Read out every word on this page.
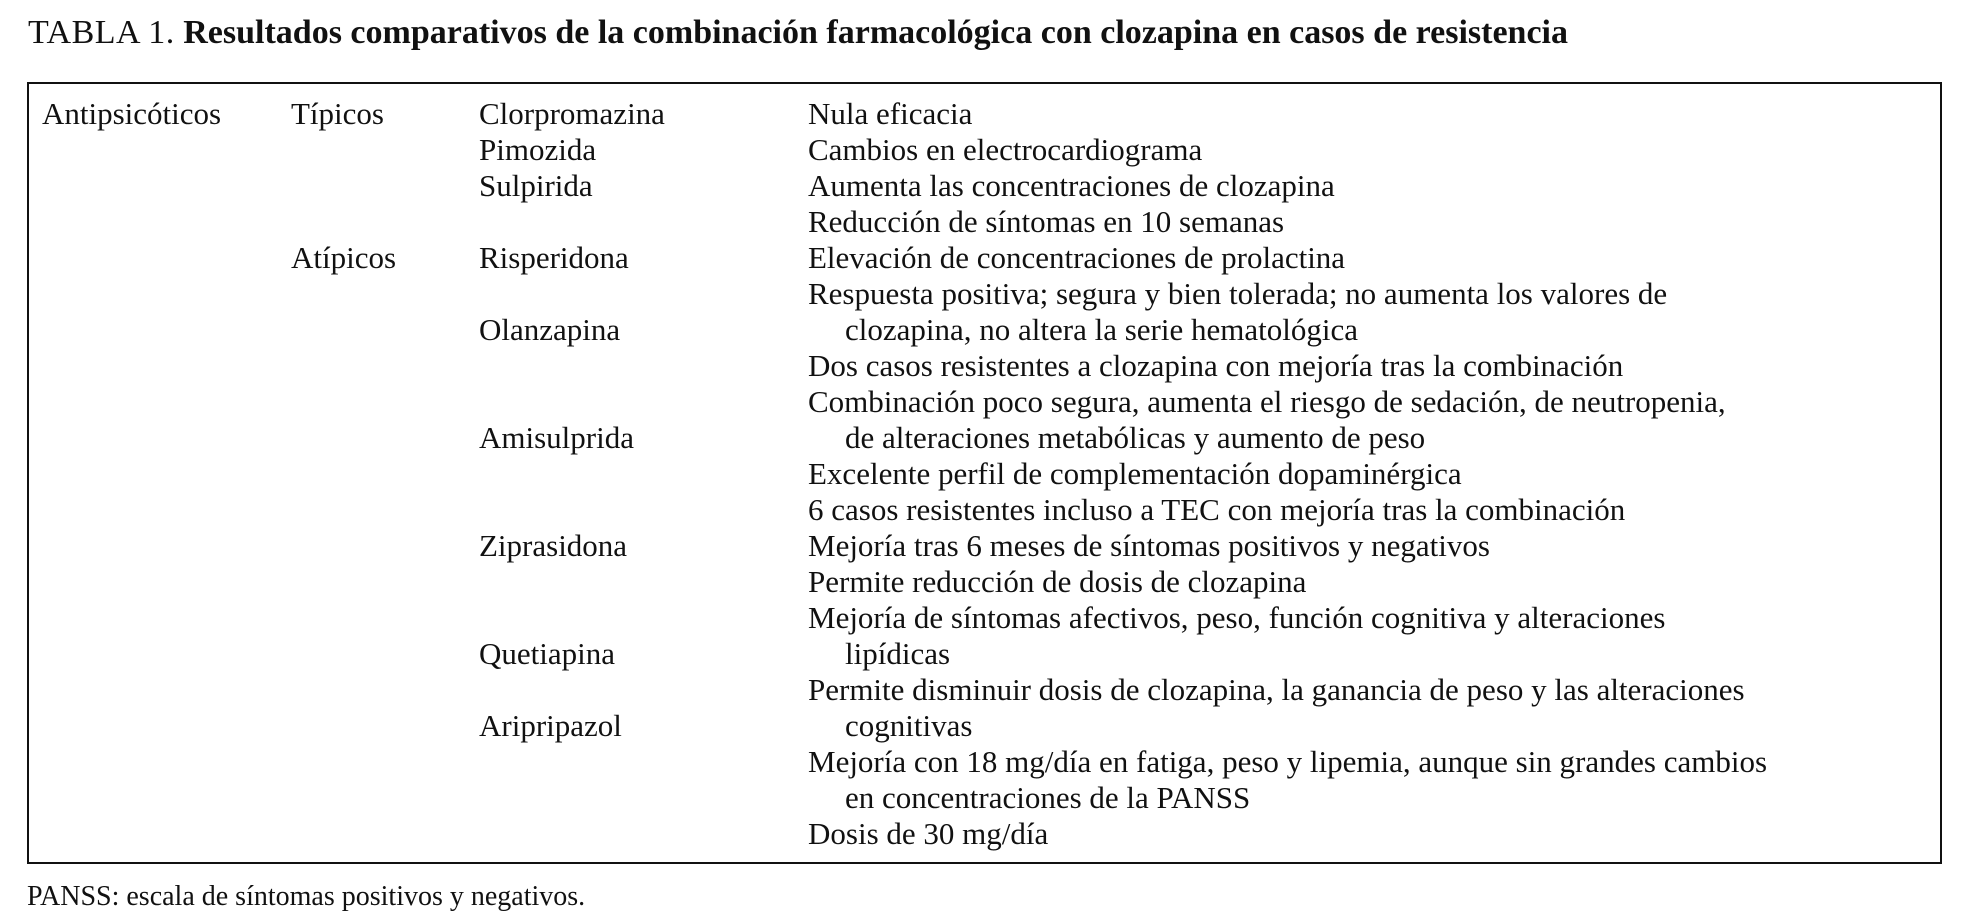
TABLA 1. Resultados comparativos de la combinación farmacológica con clozapina en casos de resistencia
Antipsicóticos Típicos
Atípicos
Clorpromazina
Pimozida
Sulpirida
Risperidona
Olanzapina
Amisulprida
Ziprasidona
Quetiapina
Aripripazol
Nula eficacia
Cambios en electrocardiograma
Aumenta las concentraciones de clozapina
Reducción de síntomas en 10 semanas
Elevación de concentraciones de prolactina
Respuesta positiva; segura y bien tolerada; no aumenta los valores de
clozapina, no altera la serie hematológica
Dos casos resistentes a clozapina con mejoría tras la combinación
Combinación poco segura, aumenta el riesgo de sedación, de neutropenia,
de alteraciones metabólicas y aumento de peso
Excelente perfil de complementación dopaminérgica
6 casos resistentes incluso a TEC con mejoría tras la combinación
Mejoría tras 6 meses de síntomas positivos y negativos
Permite reducción de dosis de clozapina
Mejoría de síntomas afectivos, peso, función cognitiva y alteraciones
lipídicas
Permite disminuir dosis de clozapina, la ganancia de peso y las alteraciones
cognitivas
Mejoría con 18 mg/día en fatiga, peso y lipemia, aunque sin grandes cambios
en concentraciones de la PANSS
Dosis de 30 mg/día
PANSS: escala de síntomas positivos y negativos.
